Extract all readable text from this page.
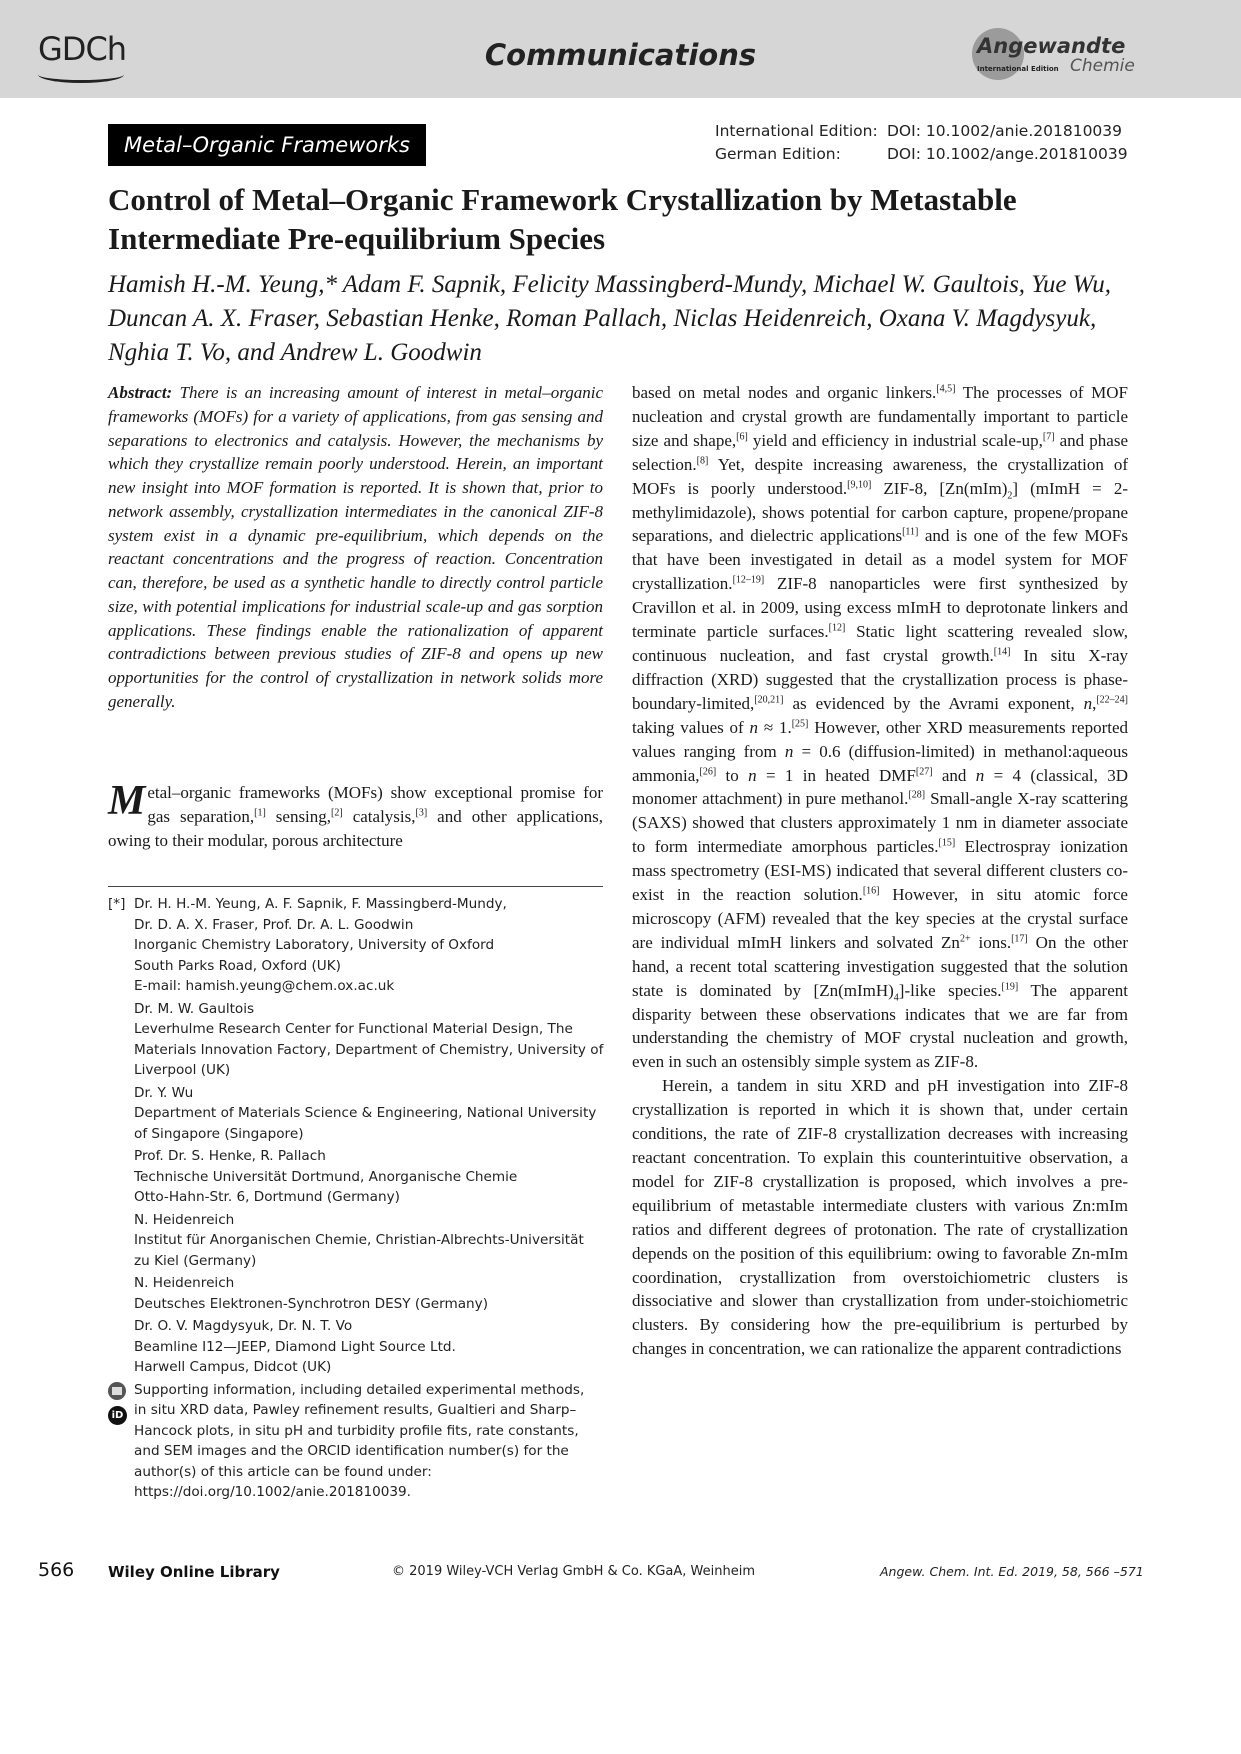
GDCh	Communications	Angewandte
International Edition Chemie
Metal–Organic Frameworks
International Edition: DOI: 10.1002/anie.201810039
German Edition:	DOI: 10.1002/ange.201810039
Control of Metal–Organic Framework Crystallization by Metastable Intermediate Pre-equilibrium Species
Hamish H.-M. Yeung,* Adam F. Sapnik, Felicity Massingberd-Mundy, Michael W. Gaultois, Yue Wu, Duncan A. X. Fraser, Sebastian Henke, Roman Pallach, Niclas Heidenreich, Oxana V. Magdysyuk, Nghia T. Vo, and Andrew L. Goodwin
Abstract: There is an increasing amount of interest in metal–organic frameworks (MOFs) for a variety of applications, from gas sensing and separations to electronics and catalysis. However, the mechanisms by which they crystallize remain poorly understood. Herein, an important new insight into MOF formation is reported. It is shown that, prior to network assembly, crystallization intermediates in the canonical ZIF-8 system exist in a dynamic pre-equilibrium, which depends on the reactant concentrations and the progress of reaction. Concentration can, therefore, be used as a synthetic handle to directly control particle size, with potential implications for industrial scale-up and gas sorption applications. These findings enable the rationalization of apparent contradictions between previous studies of ZIF-8 and opens up new opportunities for the control of crystallization in network solids more generally.
Metal–organic frameworks (MOFs) show exceptional promise for gas separation,[1] sensing,[2] catalysis,[3] and other applications, owing to their modular, porous architecture
[*] Dr. H. H.-M. Yeung, A. F. Sapnik, F. Massingberd-Mundy,
Dr. D. A. X. Fraser, Prof. Dr. A. L. Goodwin
Inorganic Chemistry Laboratory, University of Oxford
South Parks Road, Oxford (UK)
E-mail: hamish.yeung@chem.ox.ac.uk
Dr. M. W. Gaultois
Leverhulme Research Center for Functional Material Design, The
Materials Innovation Factory, Department of Chemistry, University of
Liverpool (UK)
Dr. Y. Wu
Department of Materials Science & Engineering, National University
of Singapore (Singapore)
Prof. Dr. S. Henke, R. Pallach
Technische Universität Dortmund, Anorganische Chemie
Otto-Hahn-Str. 6, Dortmund (Germany)
N. Heidenreich
Institut für Anorganischen Chemie, Christian-Albrechts-Universität
zu Kiel (Germany)
N. Heidenreich
Deutsches Elektronen-Synchrotron DESY (Germany)
Dr. O. V. Magdysyuk, Dr. N. T. Vo
Beamline I12—JEEP, Diamond Light Source Ltd.
Harwell Campus, Didcot (UK)
iD
Supporting information, including detailed experimental methods,
in situ XRD data, Pawley refinement results, Gualtieri and Sharp–
Hancock plots, in situ pH and turbidity profile fits, rate constants,
and SEM images and the ORCID identification number(s) for the
author(s) of this article can be found under:
https://doi.org/10.1002/anie.201810039.

based on metal nodes and organic linkers.[4,5] The processes of MOF nucleation and crystal growth are fundamentally important to particle size and shape,[6] yield and efficiency in industrial scale-up,[7] and phase selection.[8] Yet, despite increasing awareness, the crystallization of MOFs is poorly understood.[9,10] ZIF-8, $[Zn(mIm)_2]$ (mImH = 2-methylimidazole), shows potential for carbon capture, propene/propane separations, and dielectric applications[11] and is one of the few MOFs that have been investigated in detail as a model system for MOF crystallization.[12–19] ZIF-8 nanoparticles were first synthesized by Cravillon et al. in 2009, using excess mImH to deprotonate linkers and terminate particle surfaces.[12] Static light scattering revealed slow, continuous nucleation, and fast crystal growth.[14] In situ X-ray diffraction (XRD) suggested that the crystallization process is phase-boundary-limited,[20,21] as evidenced by the Avrami exponent, n,[22–24] taking values of n ≈ 1.[25] However, other XRD measurements reported values ranging from n = 0.6 (diffusion-limited) in methanol:aqueous ammonia,[26] to n = 1 in heated DMF[27] and n = 4 (classical, 3D monomer attachment) in pure methanol.[28] Small-angle X-ray scattering (SAXS) showed that clusters approximately 1 nm in diameter associate to form intermediate amorphous particles.[15] Electrospray ionization mass spectrometry (ESI-MS) indicated that several different clusters co-exist in the reaction solution.[16] However, in situ atomic force microscopy (AFM) revealed that the key species at the crystal surface are individual mImH linkers and solvated $Zn^{2+}$ ions.[17] On the other hand, a recent total scattering investigation suggested that the solution state is dominated by $[Zn(mImH)_4]$-like species.[19] The apparent disparity between these observations indicates that we are far from understanding the chemistry of MOF crystal nucleation and growth, even in such an ostensibly simple system as ZIF-8.

Herein, a tandem in situ XRD and pH investigation into ZIF-8 crystallization is reported in which it is shown that, under certain conditions, the rate of ZIF-8 crystallization decreases with increasing reactant concentration. To explain this counterintuitive observation, a model for ZIF-8 crystallization is proposed, which involves a pre-equilibrium of metastable intermediate clusters with various Zn:mIm ratios and different degrees of protonation. The rate of crystallization depends on the position of this equilibrium: owing to favorable Zn-mIm coordination, crystallization from overstoichiometric clusters is dissociative and slower than crystallization from under-stoichiometric clusters. By considering how the pre-equilibrium is perturbed by changes in concentration, we can rationalize the apparent contradictions

566 Wiley Online Library	© 2019 Wiley-VCH Verlag GmbH & Co. KGaA, Weinheim	Angew. Chem. Int. Ed. 2019, 58, 566 –571
